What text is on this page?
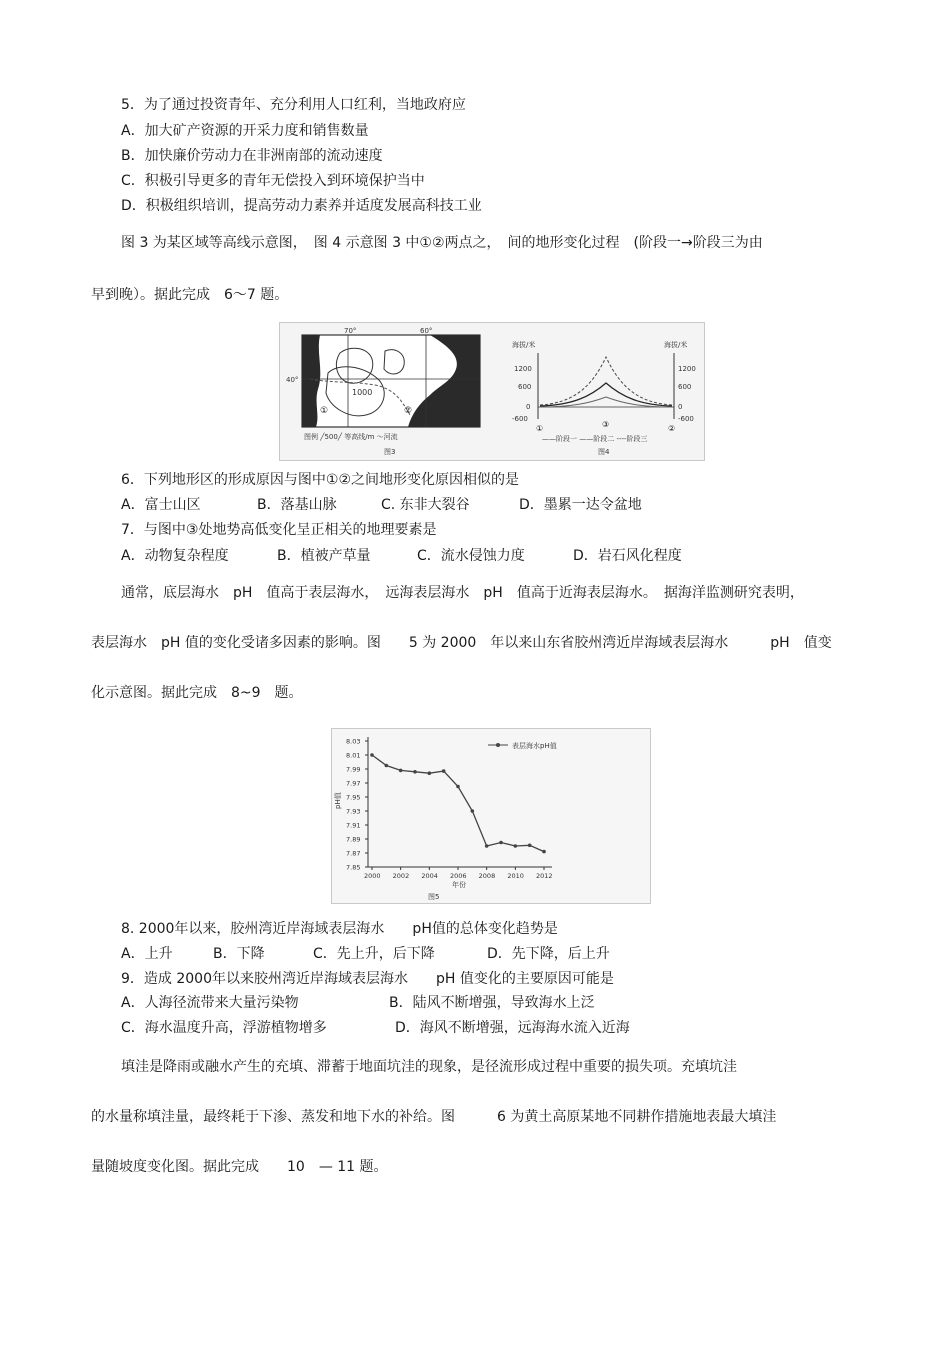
5．为了通过投资青年、充分利用人口红利，当地政府应
A．加大矿产资源的开采力度和销售数量
B．加快廉价劳动力在非洲南部的流动速度
C．积极引导更多的青年无偿投入到环境保护当中
D．积极组织培训，提高劳动力素养并适度发展高科技工业
图 3 为某区域等高线示意图，　图 4 示意图 3 中①②两点之，　间的地形变化过程　(阶段一→阶段三为由
早到晚）。据此完成　6～7 题。
70°	60°
40°
1000
①	②
图例 ╱500╱ 等高线/m ～河流
图3
海拔/米	海拔/米
1200
600
0
-600
1200
600
0
-600
①	③	②
——阶段一 ——阶段二 ----阶段三
图4
6．下列地形区的形成原因与图中①②之间地形变化原因相似的是
A．富士山区	B．落基山脉	C. 东非大裂谷	D．墨累一达令盆地
7．与图中③处地势高低变化呈正相关的地理要素是
A．动物复杂程度	B．植被产草量	C．流水侵蚀力度	D．岩石风化程度
通常，底层海水　pH　值高于表层海水，　远海表层海水　pH　值高于近海表层海水。　据海洋监测研究表明，
表层海水　pH 值的变化受诸多因素的影响。图　　5 为 2000　年以来山东省胶州湾近岸海域表层海水　　　pH　值变
化示意图。据此完成　8~9　题。
8.03
8.01
7.99
7.97
7.95
7.93
7.91
7.89
7.87
7.85
2000 2002 2004 2006 2008 2010 2012
pH值
年份
表层海水pH值
图5
8. 2000年以来，胶州湾近岸海域表层海水　　pH值的总体变化趋势是
A．上升	B．下降	C．先上升，后下降	D．先下降，后上升
9．造成 2000年以来胶州湾近岸海域表层海水　　pH 值变化的主要原因可能是
A．人海径流带来大量污染物	B．陆风不断增强，导致海水上泛
C．海水温度升高，浮游植物增多	D．海风不断增强，远海海水流入近海
填洼是降雨或融水产生的充填、滞蓄于地面坑洼的现象，是径流形成过程中重要的损失项。充填坑洼
的水量称填洼量，最终耗于下渗、蒸发和地下水的补给。图　　　6 为黄土高原某地不同耕作措施地表最大填洼
量随坡度变化图。据此完成　　10　— 11 题。
